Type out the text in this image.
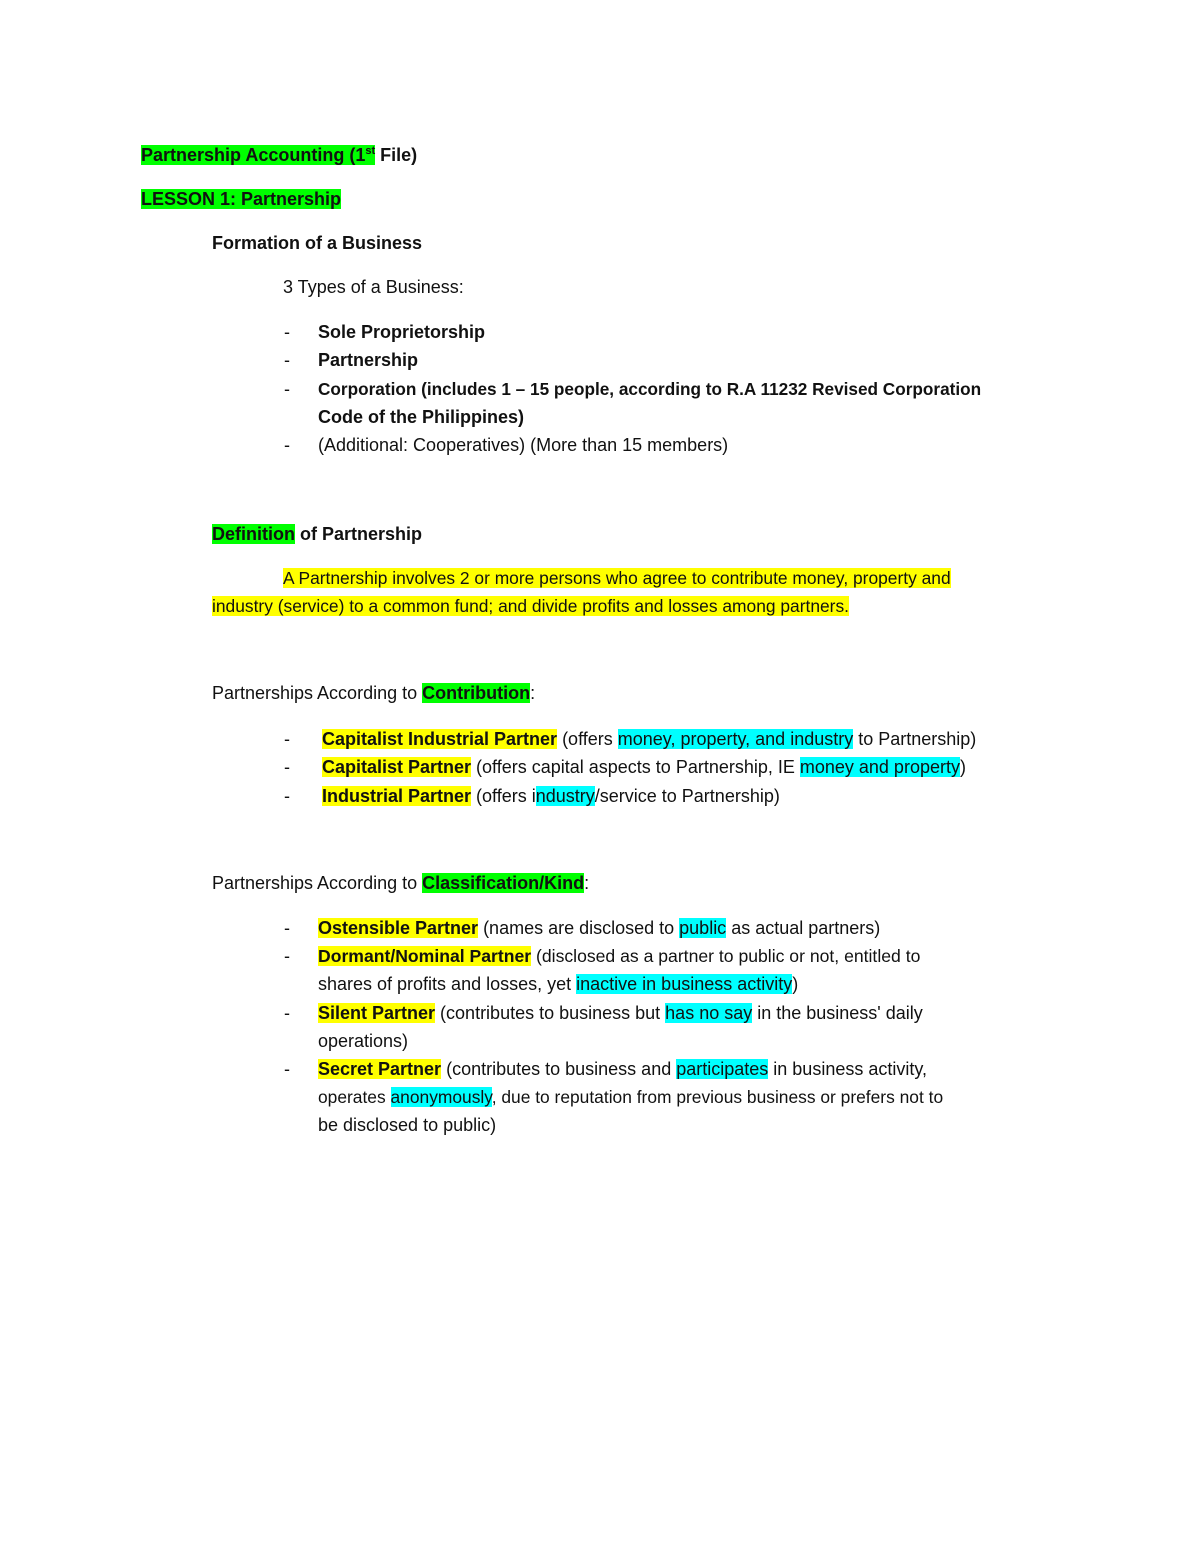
Partnership Accounting (1st File)
LESSON 1: Partnership
Formation of a Business
3 Types of a Business:
- Sole Proprietorship
- Partnership
- Corporation (includes 1 – 15 people, according to R.A 11232 Revised Corporation
Code of the Philippines)
- (Additional: Cooperatives) (More than 15 members)
Definition of Partnership
A Partnership involves 2 or more persons who agree to contribute money, property and
industry (service) to a common fund; and divide profits and losses among partners.
Partnerships According to Contribution:
- Capitalist Industrial Partner (offers money, property, and industry to Partnership)
- Capitalist Partner (offers capital aspects to Partnership, IE money and property)
- Industrial Partner (offers industry/service to Partnership)
Partnerships According to Classification/Kind:
- Ostensible Partner (names are disclosed to public as actual partners)
- Dormant/Nominal Partner (disclosed as a partner to public or not, entitled to
shares of profits and losses, yet inactive in business activity)
- Silent Partner (contributes to business but has no say in the business' daily
operations)
- Secret Partner (contributes to business and participates in business activity,
operates anonymously, due to reputation from previous business or prefers not to
be disclosed to public)
